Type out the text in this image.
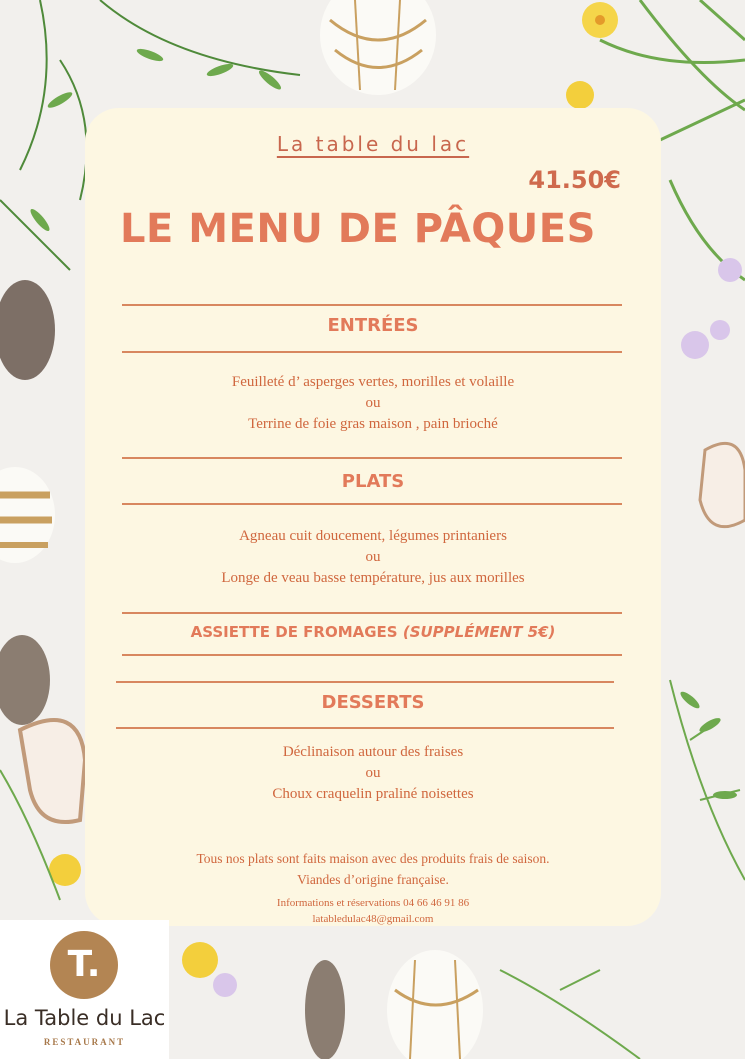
La table du lac
41.50€
LE MENU DE PÂQUES
ENTRÉES
Feuilleté d’ asperges vertes, morilles et volaille
ou
Terrine de foie gras maison , pain brioché
PLATS
Agneau cuit doucement, légumes printaniers
ou
Longe de veau basse température, jus aux morilles
ASSIETTE DE FROMAGES (SUPPLÉMENT 5€)
DESSERTS
Déclinaison autour des fraises
ou
Choux craquelin praliné noisettes
Tous nos plats sont faits maison avec des produits frais de saison.
Viandes d’origine française.
Informations et réservations 04 66 46 91 86
latabledulac48@gmail.com
T.
La Table du Lac
RESTAURANT
